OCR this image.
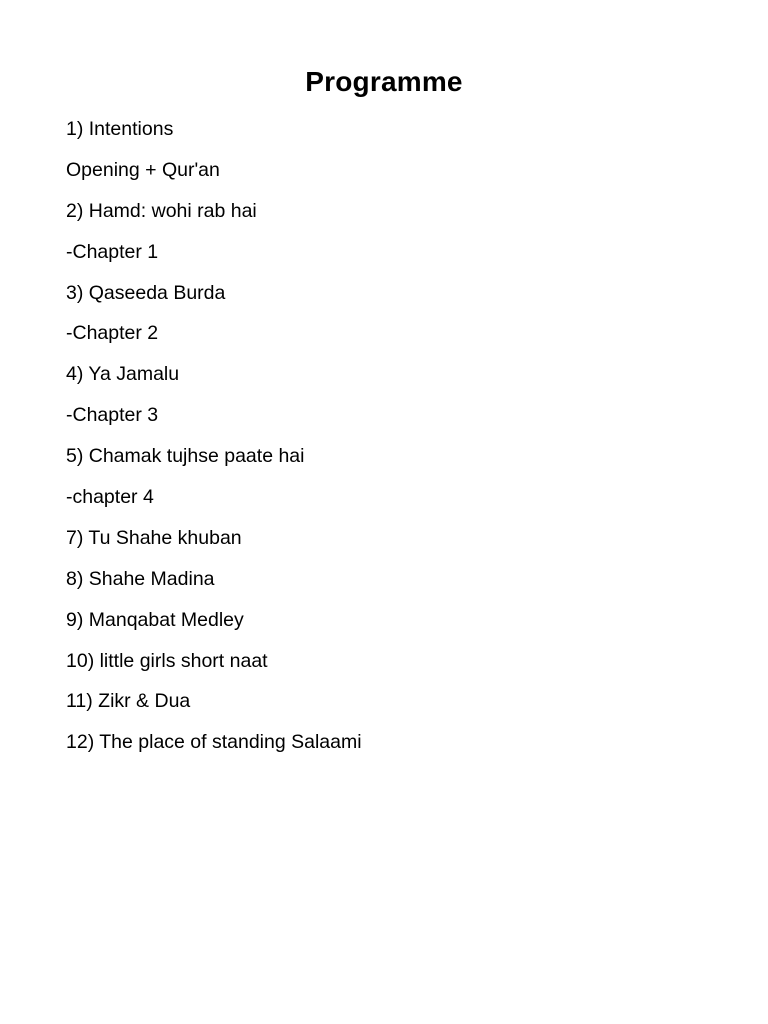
Programme
1) Intentions
Opening + Qur'an
2) Hamd: wohi rab hai
-Chapter 1
3) Qaseeda Burda
-Chapter 2
4) Ya Jamalu
-Chapter 3
5) Chamak tujhse paate hai
-chapter 4
7) Tu Shahe khuban
8) Shahe Madina
9) Manqabat Medley
10) little girls short naat
11) Zikr & Dua
12) The place of standing Salaami
